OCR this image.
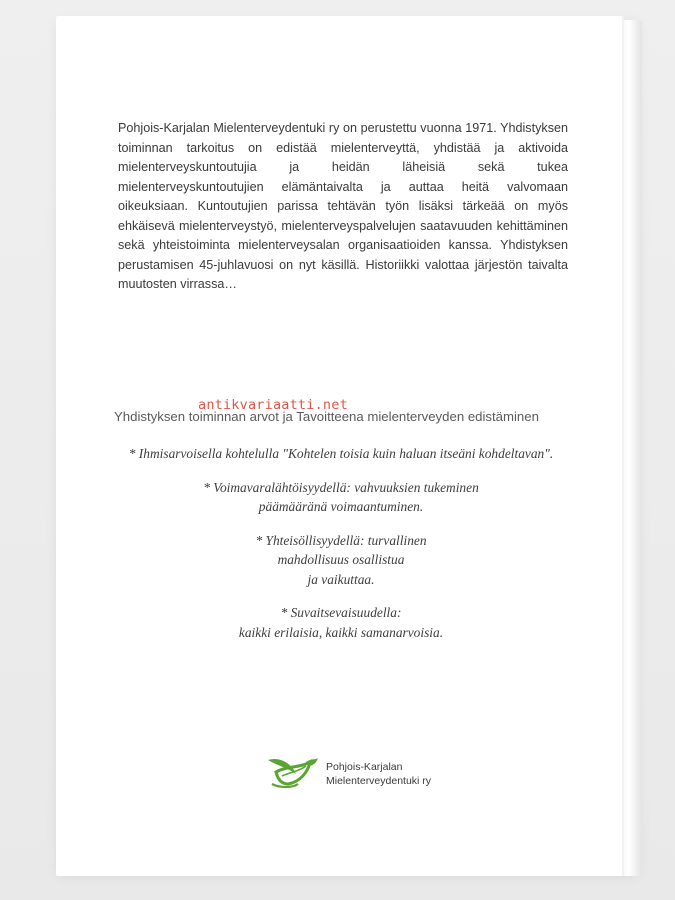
Pohjois-Karjalan Mielenterveydentuki ry on perustettu vuonna 1971. Yhdistyksen toiminnan tarkoitus on edistää mielenterveyttä, yhdistää ja aktivoida mielenterveyskuntoutujia ja heidän läheisiä sekä tukea mielenterveyskuntoutujien elämäntaivalta ja auttaa heitä valvomaan oikeuksiaan. Kuntoutujien parissa tehtävän työn lisäksi tärkeää on myös ehkäisevä mielenterveystyö, mielenterveyspalvelujen saatavuuden kehittäminen sekä yhteistoiminta mielenterveysalan organisaatioiden kanssa. Yhdistyksen perustamisen 45-juhlavuosi on nyt käsillä. Historiikki valottaa järjestön taivalta muutosten virrassa…

Yhdistyksen toiminnan arvot ja Tavoitteena mielenterveyden edistäminen

* Ihmisarvoisella kohtelulla "Kohtelen toisia kuin haluan itseäni kohdeltavan".

* Voimavaralähtöisyydellä: vahvuuksien tukeminen
päämääränä voimaantuminen.

* Yhteisöllisyydellä: turvallinen
mahdollisuus osallistua
ja vaikuttaa.

* Suvaitsevaisuudella:
kaikki erilaisia, kaikki samanarvoisia.

Pohjois-Karjalan
Mielenterveydentuki ry
antikvariaatti.net
